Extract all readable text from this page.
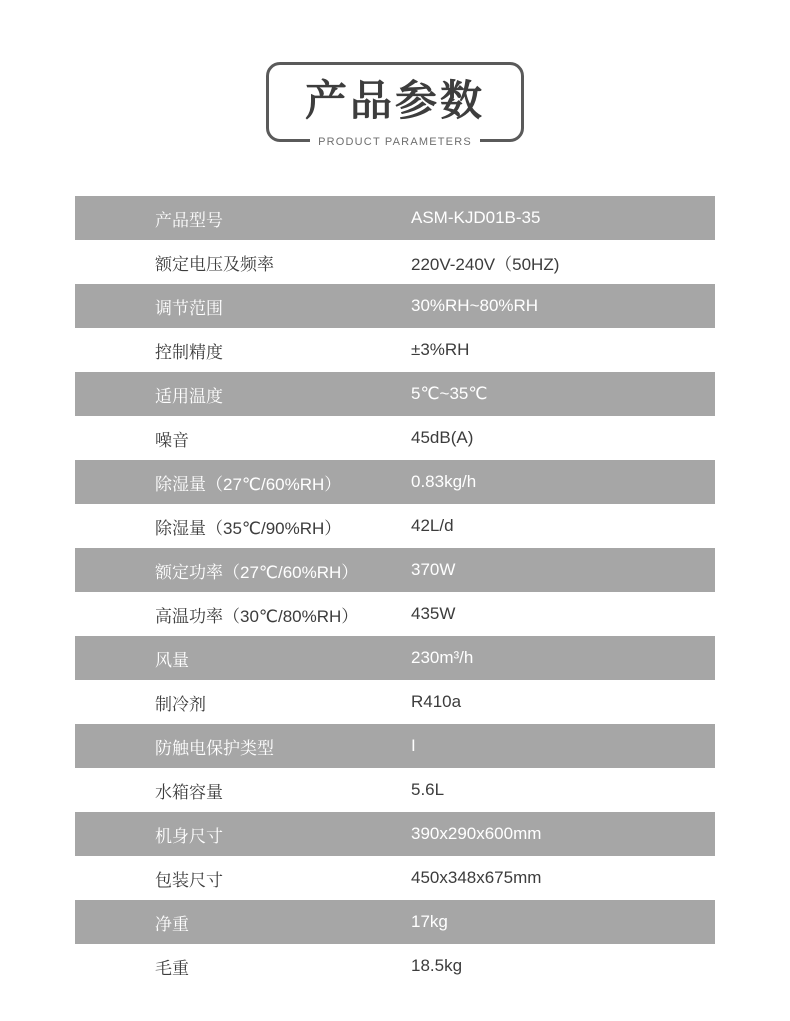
产品参数
PRODUCT PARAMETERS
产品型号	ASM-KJD01B-35
额定电压及频率	220V-240V（50HZ)
调节范围	30%RH~80%RH
控制精度	±3%RH
适用温度	5℃~35℃
噪音	45dB(A)
除湿量（27℃/60%RH）	0.83kg/h
除湿量（35℃/90%RH）	42L/d
额定功率（27℃/60%RH）	370W
高温功率（30℃/80%RH）	435W
风量	230m³/h
制冷剂	R410a
防触电保护类型	I
水箱容量	5.6L
机身尺寸	390x290x600mm
包装尺寸	450x348x675mm
净重	17kg
毛重	18.5kg
